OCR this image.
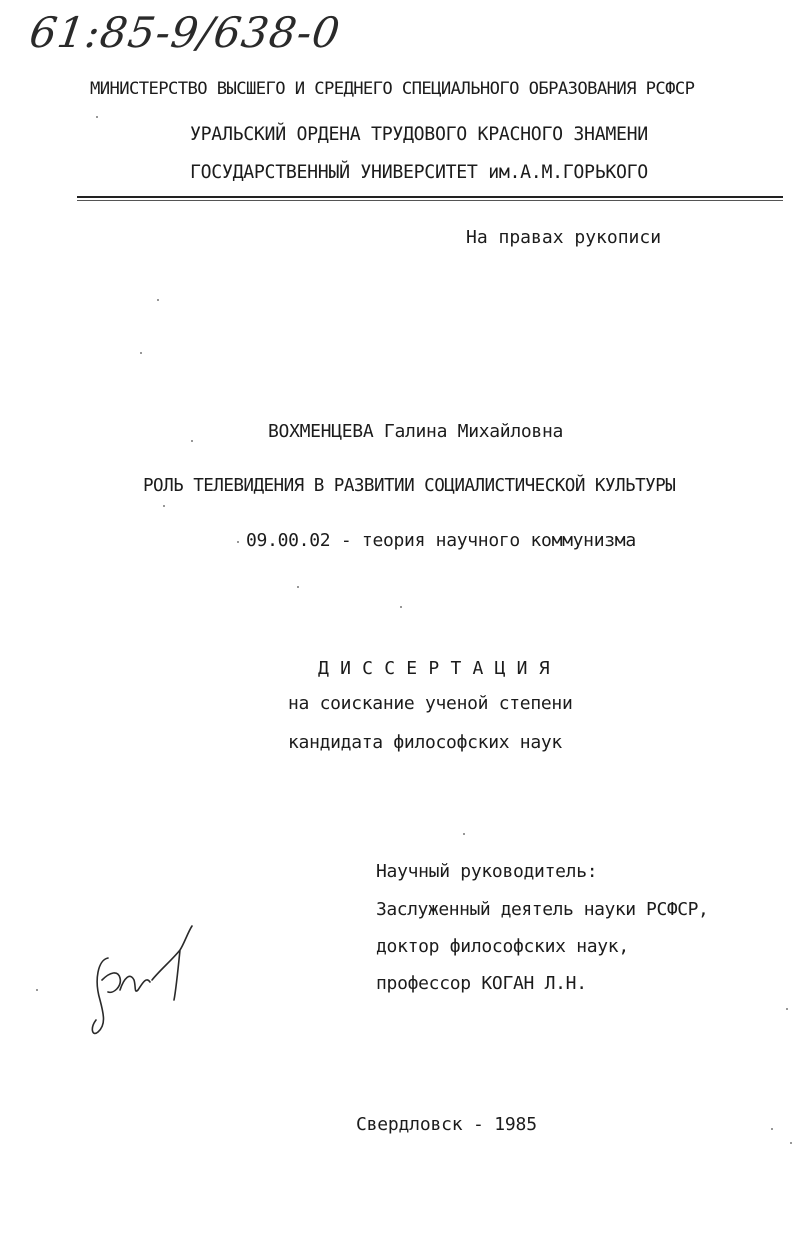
61:85-9/638-0
МИНИСТЕРСТВО ВЫСШЕГО И СРЕДНЕГО СПЕЦИАЛЬНОГО ОБРАЗОВАНИЯ РСФСР
УРАЛЬСКИЙ ОРДЕНА ТРУДОВОГО КРАСНОГО ЗНАМЕНИ
ГОСУДАРСТВЕННЫЙ УНИВЕРСИТЕТ им.А.М.ГОРЬКОГО
На правах рукописи
ВОХМЕНЦЕВА Галина Михайловна
РОЛЬ ТЕЛЕВИДЕНИЯ В РАЗВИТИИ СОЦИАЛИСТИЧЕСКОЙ КУЛЬТУРЫ
09.00.02 - теория научного коммунизма
Д И С С Е Р Т А Ц И Я
на соискание ученой степени
кандидата философских наук
Научный руководитель:
Заслуженный деятель науки РСФСР,
доктор философских наук,
профессор КОГАН Л.Н.
Свердловск - 1985
